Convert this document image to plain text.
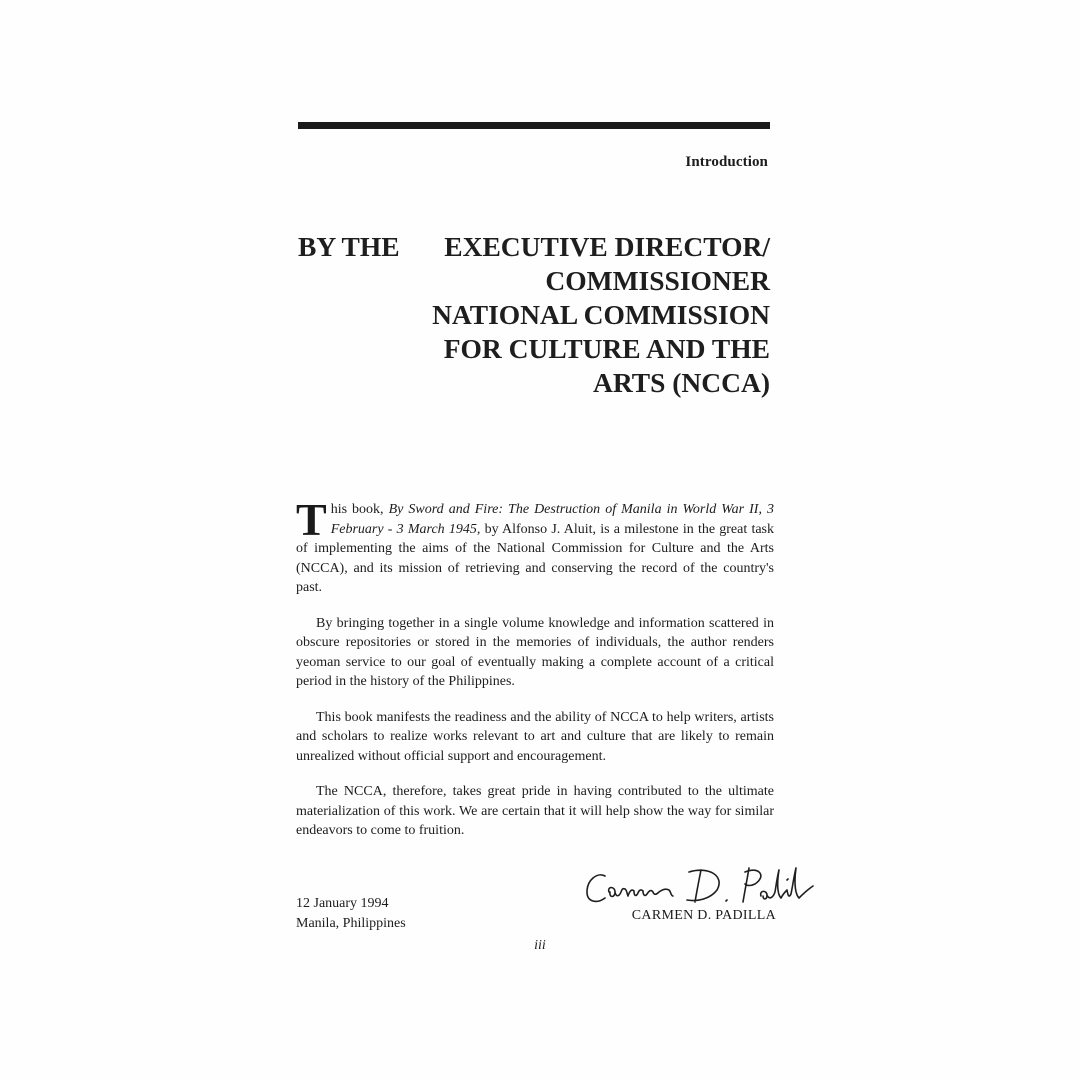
Introduction
BY THE EXECUTIVE DIRECTOR/
COMMISSIONER
NATIONAL COMMISSION
FOR CULTURE AND THE
ARTS (NCCA)

This book, By Sword and Fire: The Destruction of Manila in World War II, 3 February - 3 March 1945, by Alfonso J. Aluit, is a milestone in the great task of implementing the aims of the National Commission for Culture and the Arts (NCCA), and its mission of retrieving and conserving the record of the country's past.

By bringing together in a single volume knowledge and information scattered in obscure repositories or stored in the memories of individuals, the author renders yeoman service to our goal of eventually making a complete account of a critical period in the history of the Philippines.

This book manifests the readiness and the ability of NCCA to help writers, artists and scholars to realize works relevant to art and culture that are likely to remain unrealized without official support and encouragement.

The NCCA, therefore, takes great pride in having contributed to the ultimate materialization of this work. We are certain that it will help show the way for similar endeavors to come to fruition.

12 January 1994
Manila, Philippines	CARMEN D. PADILLA
iii
